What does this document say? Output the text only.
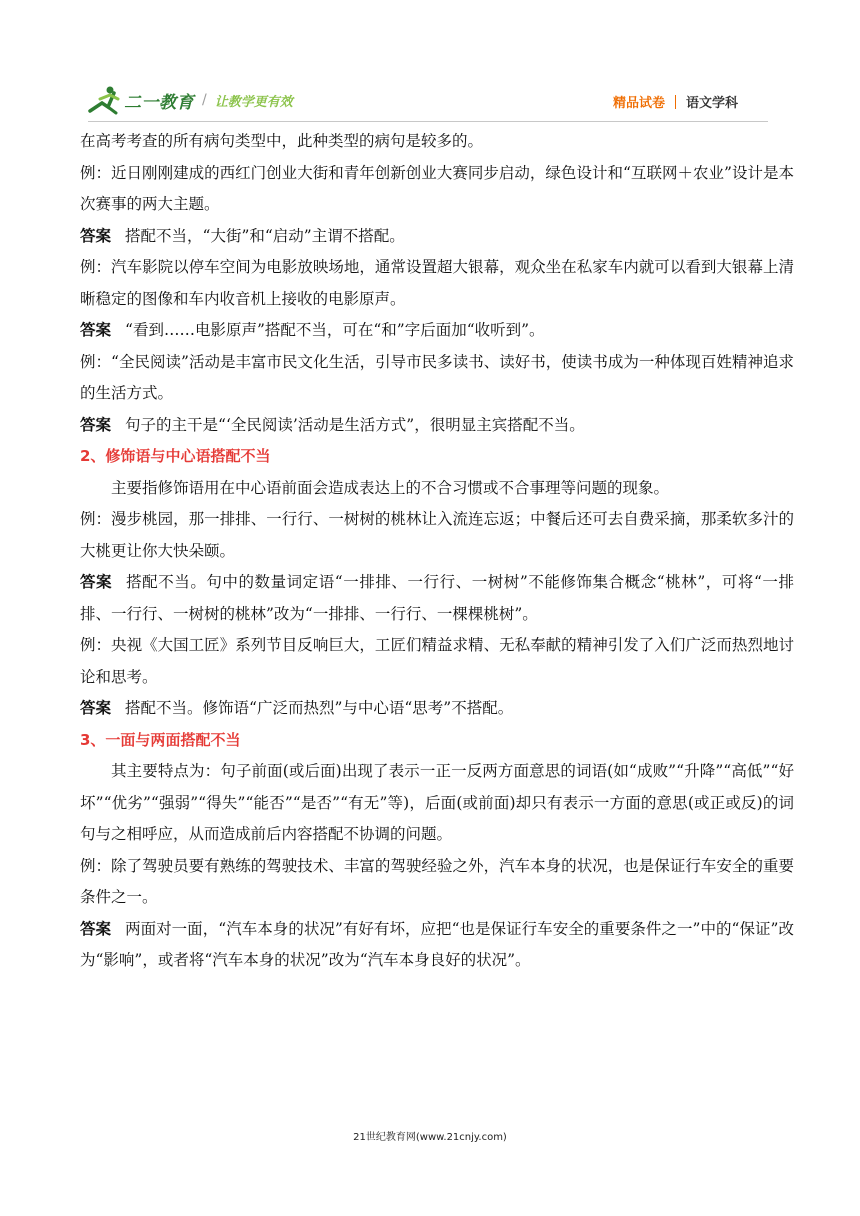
二一教育 / 让教学更有效	精品试卷 语文学科

在高考考查的所有病句类型中，此种类型的病句是较多的。

例：近日刚刚建成的西红门创业大街和青年创新创业大赛同步启动，绿色设计和“互联网＋农业”设计是本次赛事的两大主题。

答案 搭配不当，“大街”和“启动”主谓不搭配。

例：汽车影院以停车空间为电影放映场地，通常设置超大银幕，观众坐在私家车内就可以看到大银幕上清晰稳定的图像和车内收音机上接收的电影原声。

答案 “看到……电影原声”搭配不当，可在“和”字后面加“收听到”。

例：“全民阅读”活动是丰富市民文化生活，引导市民多读书、读好书，使读书成为一种体现百姓精神追求的生活方式。

答案 句子的主干是“‘全民阅读’活动是生活方式”，很明显主宾搭配不当。

2、修饰语与中心语搭配不当

主要指修饰语用在中心语前面会造成表达上的不合习惯或不合事理等问题的现象。

例：漫步桃园，那一排排、一行行、一树树的桃林让入流连忘返；中餐后还可去自费采摘，那柔软多汁的大桃更让你大快朵颐。

答案 搭配不当。句中的数量词定语“一排排、一行行、一树树”不能修饰集合概念“桃林”，可将“一排排、一行行、一树树的桃林”改为“一排排、一行行、一棵棵桃树”。

例：央视《大国工匠》系列节目反响巨大，工匠们精益求精、无私奉献的精神引发了入们广泛而热烈地讨论和思考。

答案 搭配不当。修饰语“广泛而热烈”与中心语“思考”不搭配。

3、一面与两面搭配不当

其主要特点为：句子前面(或后面)出现了表示一正一反两方面意思的词语(如“成败”“升降”“高低”“好坏”“优劣”“强弱”“得失”“能否”“是否”“有无”等)，后面(或前面)却只有表示一方面的意思(或正或反)的词句与之相呼应，从而造成前后内容搭配不协调的问题。

例：除了驾驶员要有熟练的驾驶技术、丰富的驾驶经验之外，汽车本身的状况，也是保证行车安全的重要条件之一。

答案 两面对一面，“汽车本身的状况”有好有坏，应把“也是保证行车安全的重要条件之一”中的“保证”改为“影响”，或者将“汽车本身的状况”改为“汽车本身良好的状况”。

21世纪教育网(www.21cnjy.com)
